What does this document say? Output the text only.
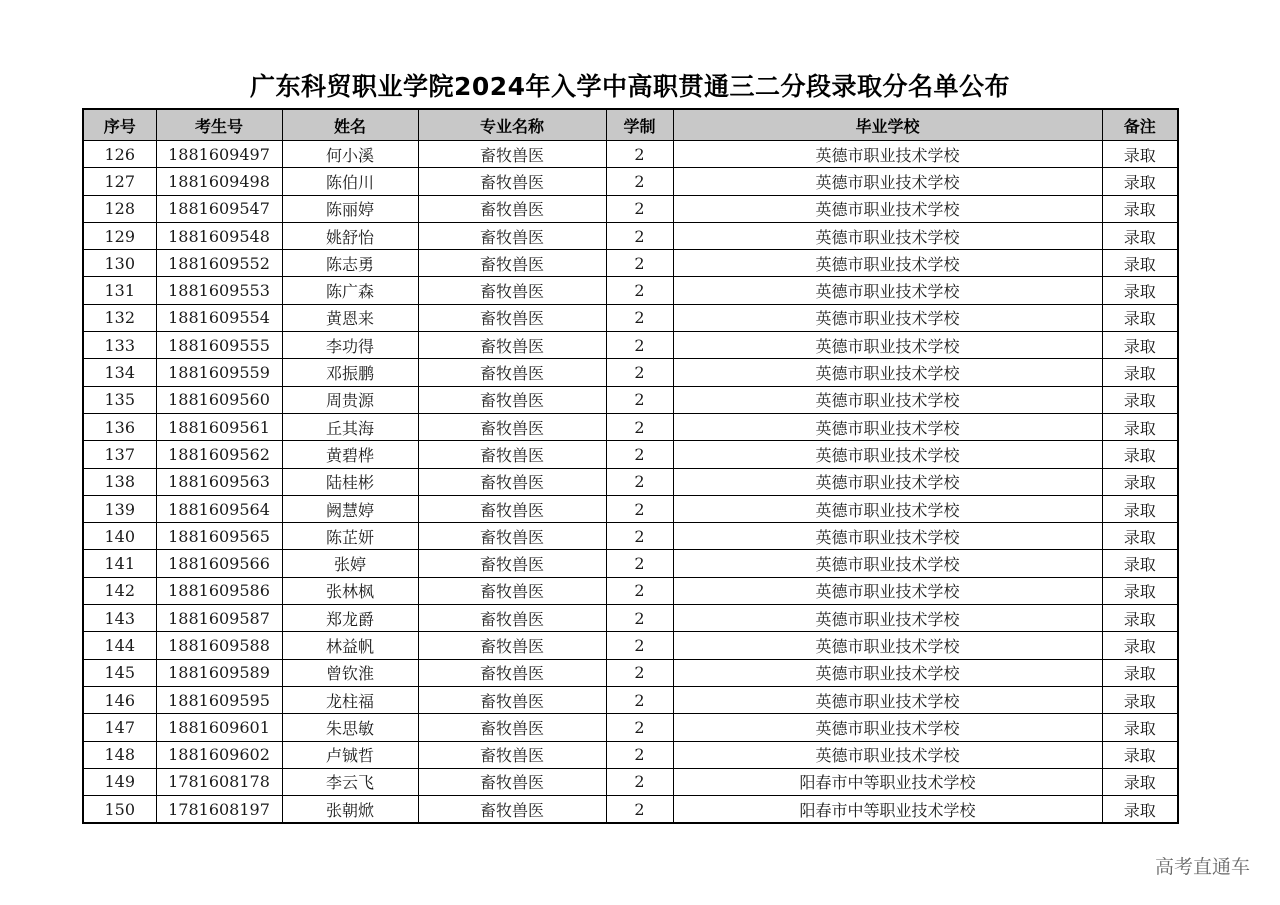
广东科贸职业学院2024年入学中高职贯通三二分段录取分名单公布
序号	考生号	姓名	专业名称	学制	毕业学校	备注
126	1881609497	何小溪	畜牧兽医	2	英德市职业技术学校	录取
127	1881609498	陈伯川	畜牧兽医	2	英德市职业技术学校	录取
128	1881609547	陈丽婷	畜牧兽医	2	英德市职业技术学校	录取
129	1881609548	姚舒怡	畜牧兽医	2	英德市职业技术学校	录取
130	1881609552	陈志勇	畜牧兽医	2	英德市职业技术学校	录取
131	1881609553	陈广森	畜牧兽医	2	英德市职业技术学校	录取
132	1881609554	黄恩来	畜牧兽医	2	英德市职业技术学校	录取
133	1881609555	李功得	畜牧兽医	2	英德市职业技术学校	录取
134	1881609559	邓振鹏	畜牧兽医	2	英德市职业技术学校	录取
135	1881609560	周贵源	畜牧兽医	2	英德市职业技术学校	录取
136	1881609561	丘其海	畜牧兽医	2	英德市职业技术学校	录取
137	1881609562	黄碧桦	畜牧兽医	2	英德市职业技术学校	录取
138	1881609563	陆桂彬	畜牧兽医	2	英德市职业技术学校	录取
139	1881609564	阙慧婷	畜牧兽医	2	英德市职业技术学校	录取
140	1881609565	陈芷妍	畜牧兽医	2	英德市职业技术学校	录取
141	1881609566	张婷	畜牧兽医	2	英德市职业技术学校	录取
142	1881609586	张林枫	畜牧兽医	2	英德市职业技术学校	录取
143	1881609587	郑龙爵	畜牧兽医	2	英德市职业技术学校	录取
144	1881609588	林益帆	畜牧兽医	2	英德市职业技术学校	录取
145	1881609589	曾钦淮	畜牧兽医	2	英德市职业技术学校	录取
146	1881609595	龙柱福	畜牧兽医	2	英德市职业技术学校	录取
147	1881609601	朱思敏	畜牧兽医	2	英德市职业技术学校	录取
148	1881609602	卢铖哲	畜牧兽医	2	英德市职业技术学校	录取
149	1781608178	李云飞	畜牧兽医	2	阳春市中等职业技术学校	录取
150	1781608197	张朝焮	畜牧兽医	2	阳春市中等职业技术学校	录取
高考直通车
